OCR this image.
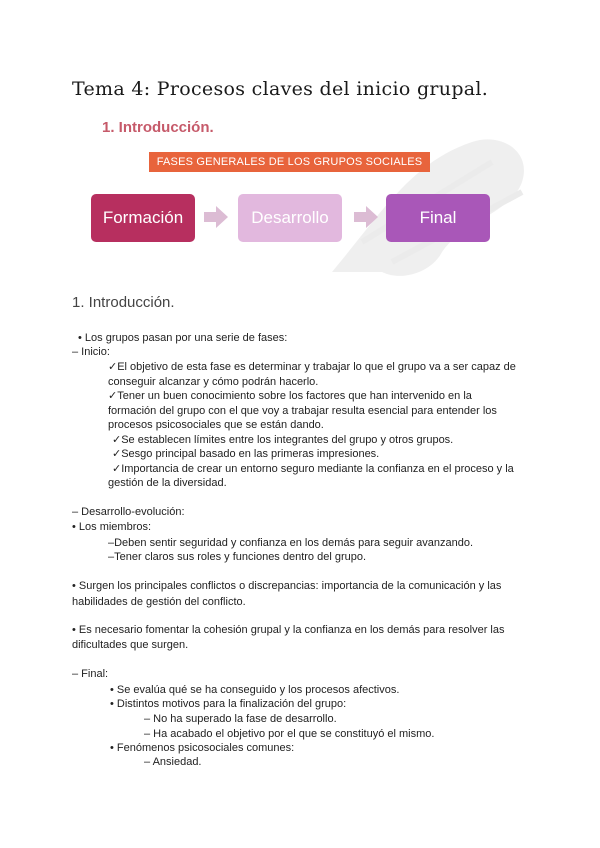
Tema 4: Procesos claves del inicio grupal.
1. Introducción.
FASES GENERALES DE LOS GRUPOS SOCIALES
Formación	Desarrollo	Final
1. Introducción.
• Los grupos pasan por una serie de fases:
– Inicio:
✓El objetivo de esta fase es determinar y trabajar lo que el grupo va a ser capaz de
conseguir alcanzar y cómo podrán hacerlo.
✓Tener un buen conocimiento sobre los factores que han intervenido en la
formación del grupo con el que voy a trabajar resulta esencial para entender los
procesos psicosociales que se están dando.
✓Se establecen límites entre los integrantes del grupo y otros grupos.
✓Sesgo principal basado en las primeras impresiones.
✓Importancia de crear un entorno seguro mediante la confianza en el proceso y la
gestión de la diversidad.
– Desarrollo-evolución:
• Los miembros:
–Deben sentir seguridad y confianza en los demás para seguir avanzando.
–Tener claros sus roles y funciones dentro del grupo.
• Surgen los principales conflictos o discrepancias: importancia de la comunicación y las
habilidades de gestión del conflicto.
• Es necesario fomentar la cohesión grupal y la confianza en los demás para resolver las
dificultades que surgen.
– Final:
• Se evalúa qué se ha conseguido y los procesos afectivos.
• Distintos motivos para la finalización del grupo:
– No ha superado la fase de desarrollo.
– Ha acabado el objetivo por el que se constituyó el mismo.
• Fenómenos psicosociales comunes:
– Ansiedad.
